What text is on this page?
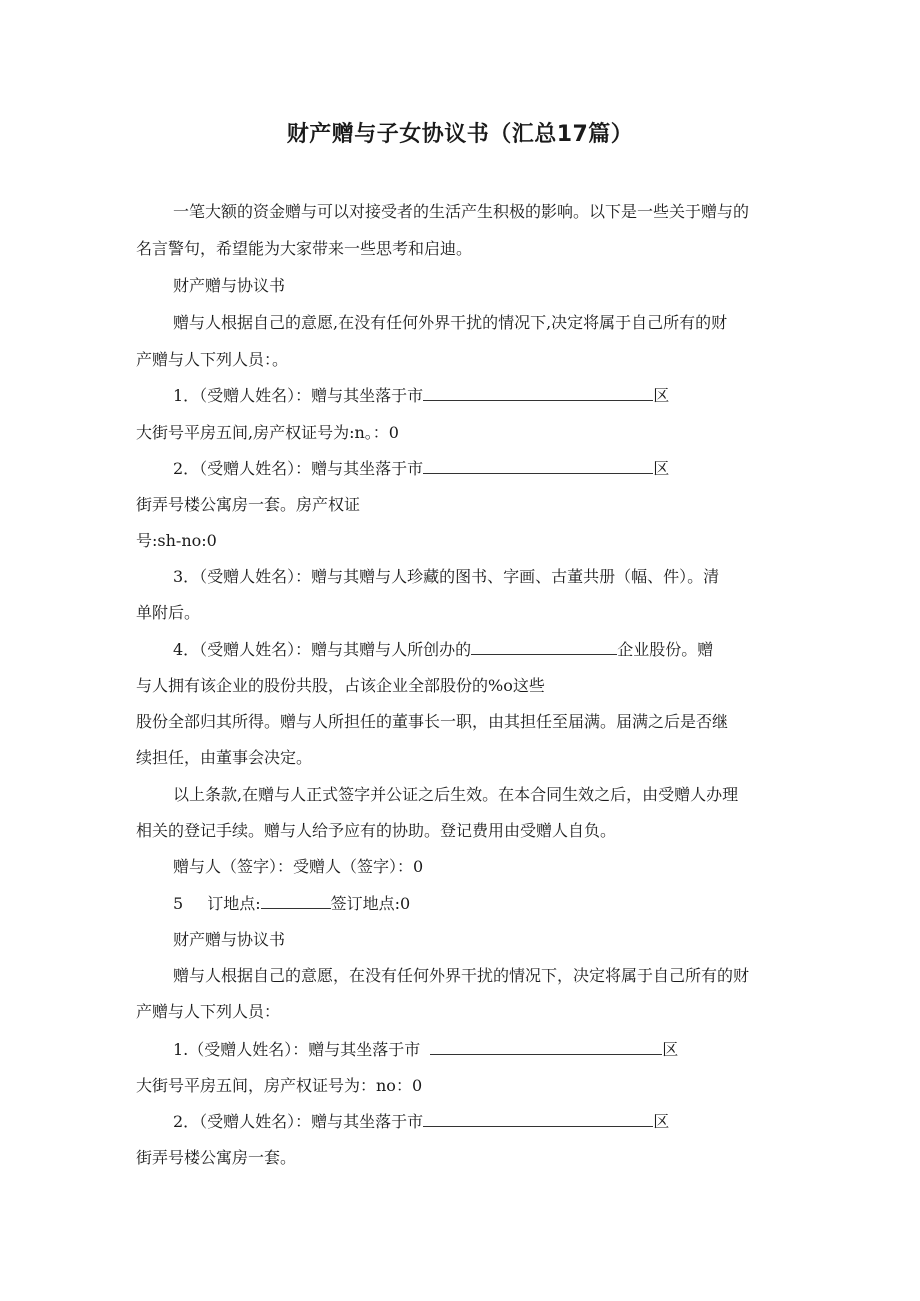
财产赠与子女协议书（汇总17篇）
一笔大额的资金赠与可以对接受者的生活产生积极的影响。以下是一些关于赠与的
名言警句，希望能为大家带来一些思考和启迪。
财产赠与协议书
赠与人根据自己的意愿,在没有任何外界干扰的情况下,决定将属于自己所有的财
产赠与人下列人员：。
1．（受赠人姓名）：赠与其坐落于市	区
大街号平房五间,房产权证号为:n。：0
2．（受赠人姓名）：赠与其坐落于市	区
街弄号楼公寓房一套。房产权证
号:sh-no:0
3．（受赠人姓名）：赠与其赠与人珍藏的图书、字画、古董共册（幅、件）。清
单附后。
4．（受赠人姓名）：赠与其赠与人所创办的	企业股份。赠
与人拥有该企业的股份共股，占该企业全部股份的%o这些
股份全部归其所得。赠与人所担任的董事长一职，由其担任至届满。届满之后是否继
续担任，由董事会决定。
以上条款,在赠与人正式签字并公证之后生效。在本合同生效之后，由受赠人办理
相关的登记手续。赠与人给予应有的协助。登记费用由受赠人自负。
赠与人（签字）：受赠人（签字）：0
5 订地点:	签订地点:0
财产赠与协议书
赠与人根据自己的意愿，在没有任何外界干扰的情况下，决定将属于自己所有的财
产赠与人下列人员：
1.（受赠人姓名）：赠与其坐落于市	区
大街号平房五间，房产权证号为：no：0
2．（受赠人姓名）：赠与其坐落于市	区
街弄号楼公寓房一套。
